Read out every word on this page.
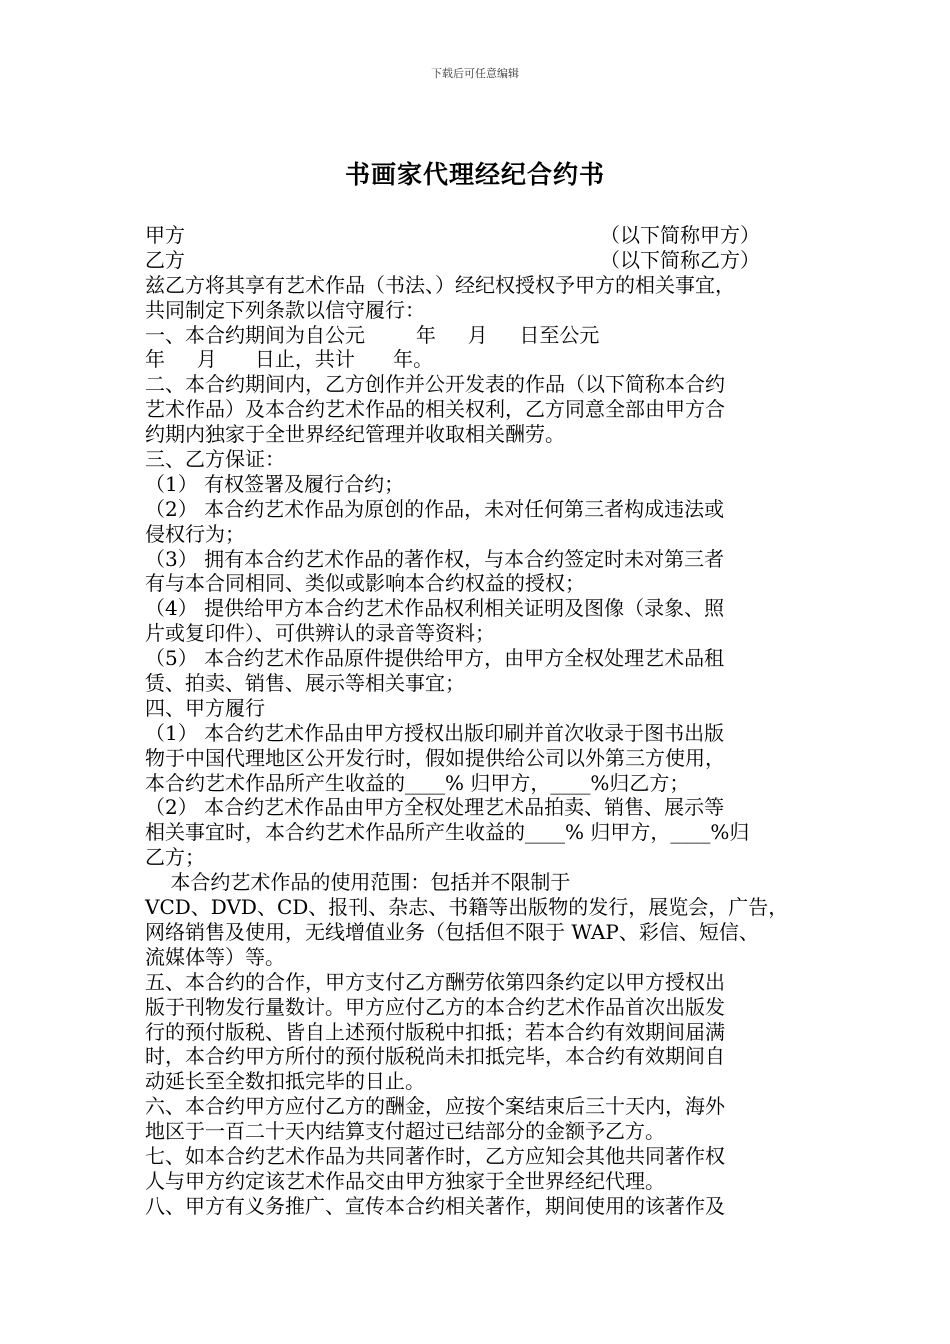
下载后可任意编辑
书画家代理经纪合约书
甲方	（以下简称甲方）
乙方	（以下简称乙方）
兹乙方将其享有艺术作品（书法、）经纪权授权予甲方的相关事宜，
共同制定下列条款以信守履行：
一、本合约期间为自公元        年     月     日至公元
年     月      日止，共计      年。
二、本合约期间内，乙方创作并公开发表的作品（以下简称本合约
艺术作品）及本合约艺术作品的相关权利，乙方同意全部由甲方合
约期内独家于全世界经纪管理并收取相关酬劳。
三、乙方保证：
（1） 有权签署及履行合约；
（2） 本合约艺术作品为原创的作品，未对任何第三者构成违法或
侵权行为；
（3） 拥有本合约艺术作品的著作权，与本合约签定时未对第三者
有与本合同相同、类似或影响本合约权益的授权；
（4） 提供给甲方本合约艺术作品权利相关证明及图像（录象、照
片或复印件）、可供辨认的录音等资料；
（5） 本合约艺术作品原件提供给甲方，由甲方全权处理艺术品租
赁、拍卖、销售、展示等相关事宜；
四、甲方履行
（1） 本合约艺术作品由甲方授权出版印刷并首次收录于图书出版
物于中国代理地区公开发行时，假如提供给公司以外第三方使用，
本合约艺术作品所产生收益的____% 归甲方，____%归乙方；
（2） 本合约艺术作品由甲方全权处理艺术品拍卖、销售、展示等
相关事宜时，本合约艺术作品所产生收益的____% 归甲方，____%归
乙方；
本合约艺术作品的使用范围：包括并不限制于
VCD、DVD、CD、报刊、杂志、书籍等出版物的发行，展览会，广告，
网络销售及使用，无线增值业务（包括但不限于 WAP、彩信、短信、
流媒体等）等。
五、本合约的合作，甲方支付乙方酬劳依第四条约定以甲方授权出
版于刊物发行量数计。甲方应付乙方的本合约艺术作品首次出版发
行的预付版税、皆自上述预付版税中扣抵；若本合约有效期间届满
时，本合约甲方所付的预付版税尚未扣抵完毕，本合约有效期间自
动延长至全数扣抵完毕的日止。
六、本合约甲方应付乙方的酬金，应按个案结束后三十天内，海外
地区于一百二十天内结算支付超过已结部分的金额予乙方。
七、如本合约艺术作品为共同著作时，乙方应知会其他共同著作权
人与甲方约定该艺术作品交由甲方独家于全世界经纪代理。
八、甲方有义务推广、宣传本合约相关著作，期间使用的该著作及
